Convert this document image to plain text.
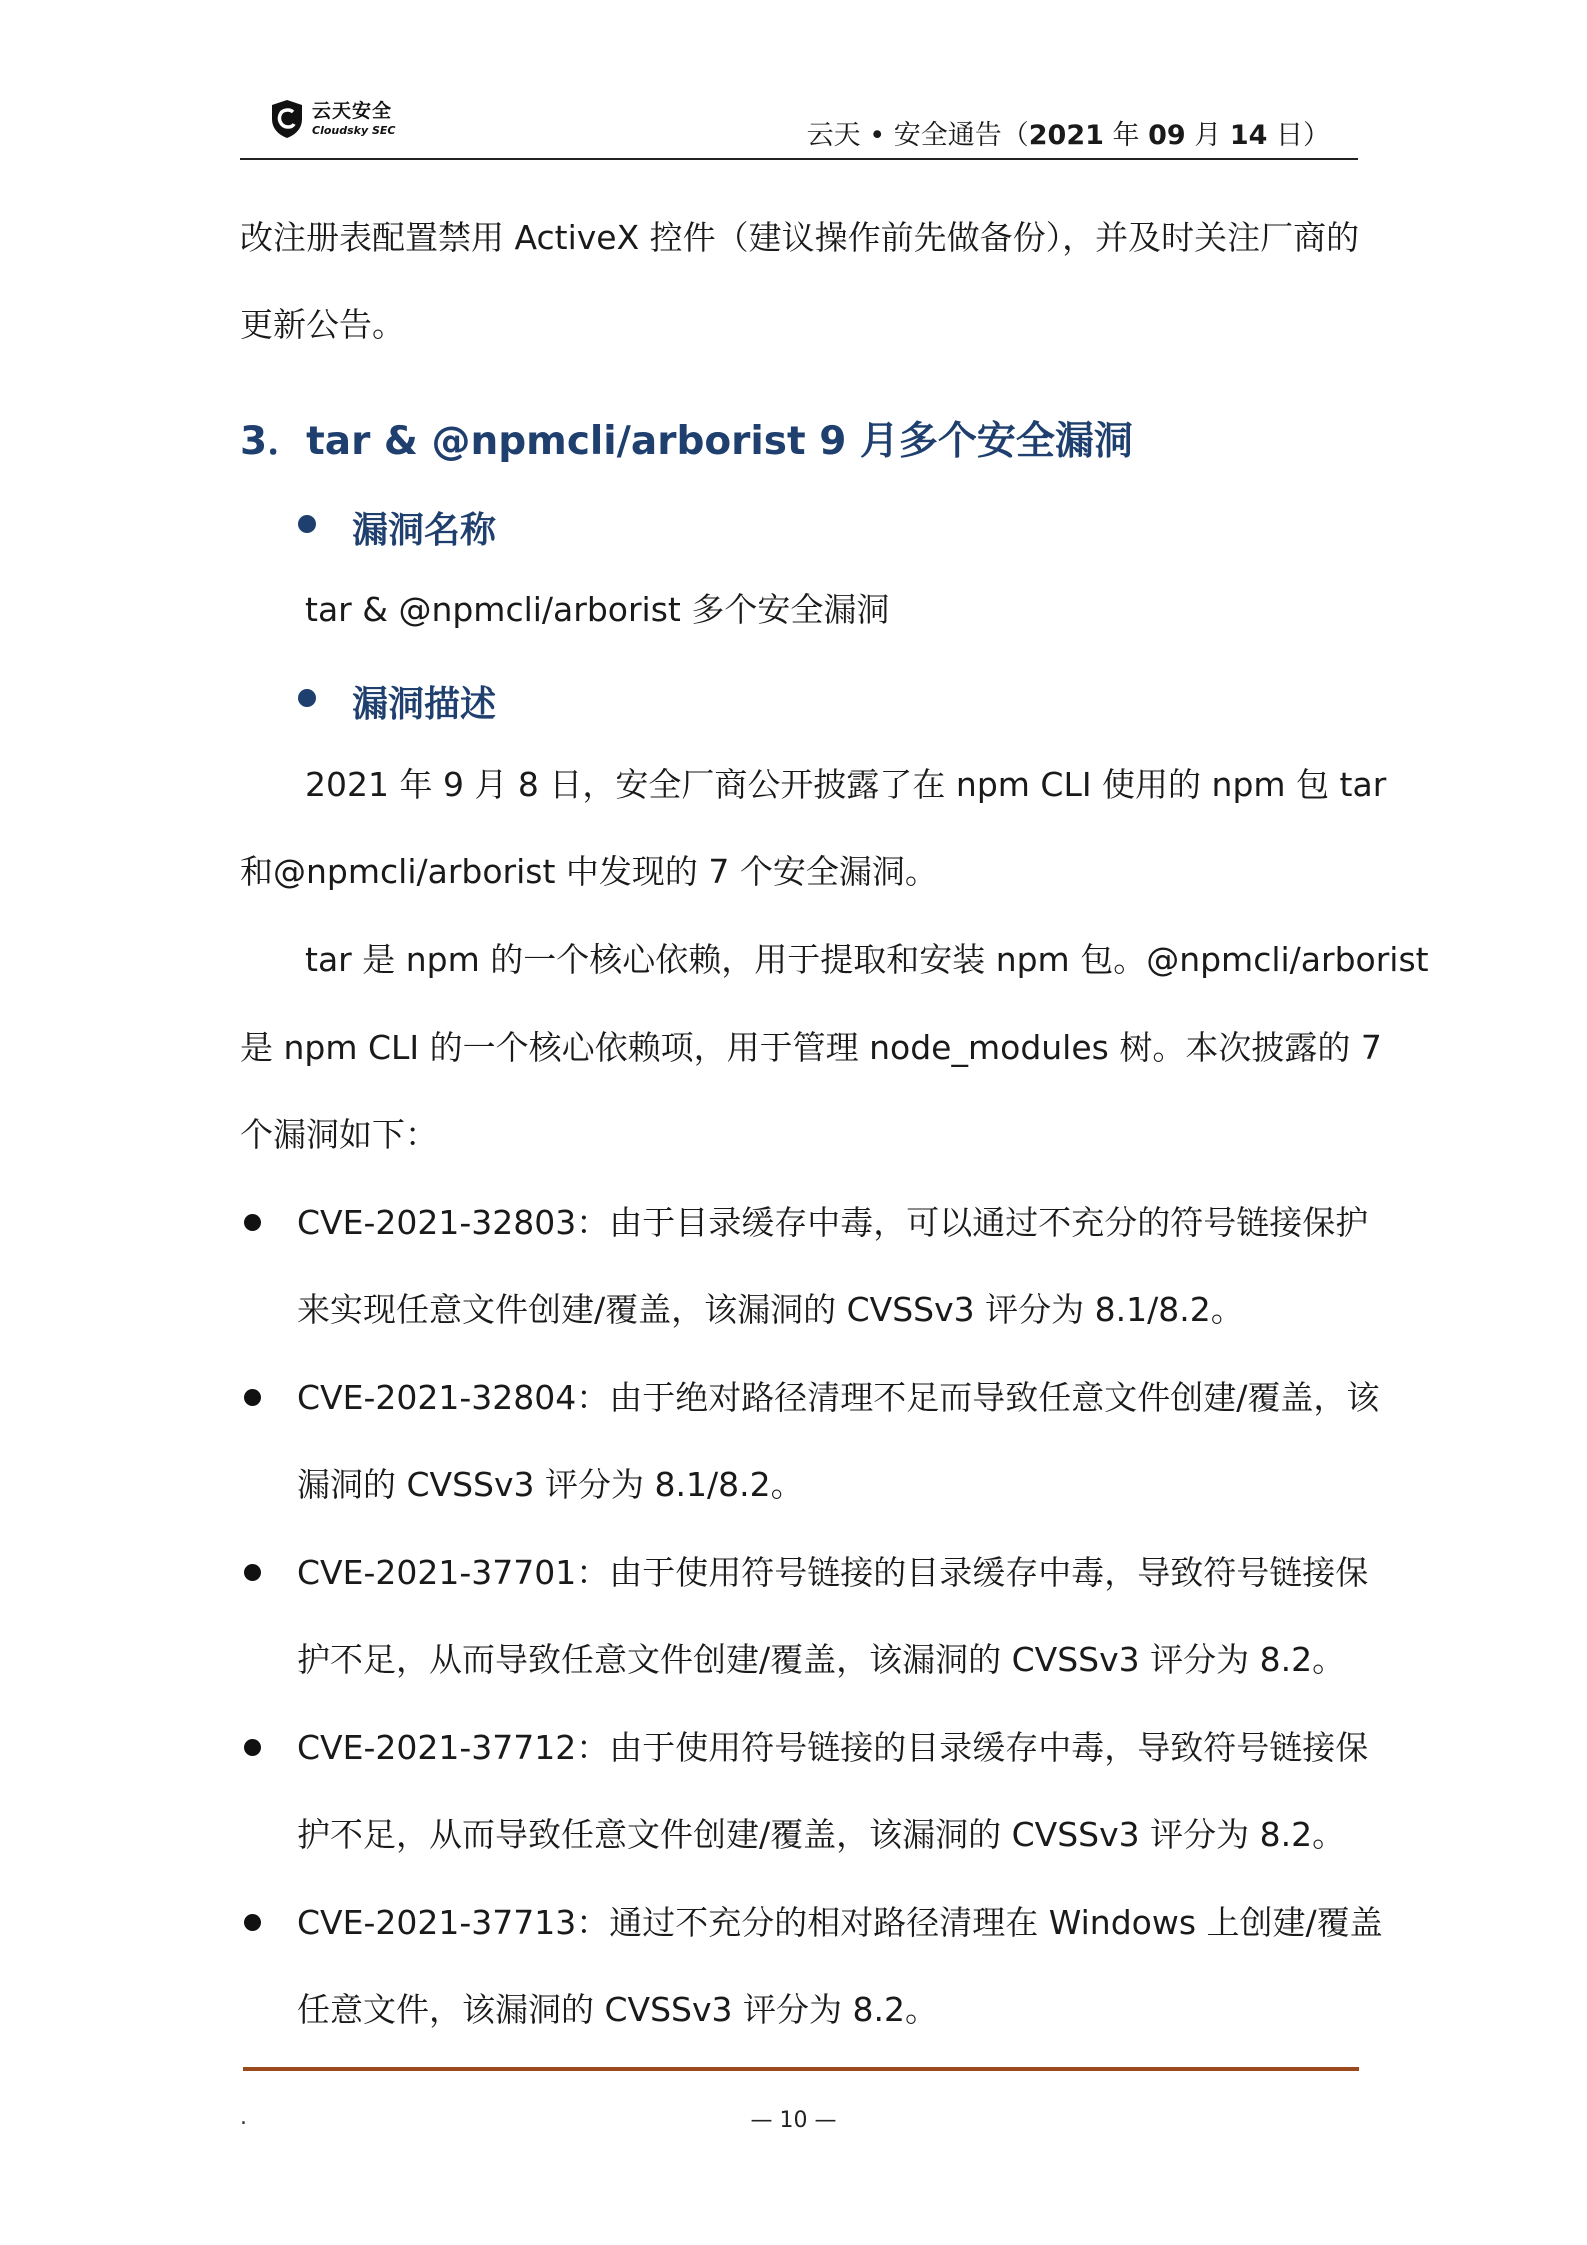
云天安全
Cloudsky SEC	云天 • 安全通告（2021 年 09 月 14 日）
改注册表配置禁用 ActiveX 控件（建议操作前先做备份），并及时关注厂商的
更新公告。
3．tar & @npmcli/arborist 9 月多个安全漏洞
漏洞名称
tar & @npmcli/arborist 多个安全漏洞
漏洞描述
2021 年 9 月 8 日，安全厂商公开披露了在 npm CLI 使用的 npm 包 tar
和@npmcli/arborist 中发现的 7 个安全漏洞。
tar 是 npm 的一个核心依赖，用于提取和安装 npm 包。@npmcli/arborist
是 npm CLI 的一个核心依赖项，用于管理 node_modules 树。本次披露的 7
个漏洞如下：
CVE-2021-32803：由于目录缓存中毒，可以通过不充分的符号链接保护
来实现任意文件创建/覆盖，该漏洞的 CVSSv3 评分为 8.1/8.2。
CVE-2021-32804：由于绝对路径清理不足而导致任意文件创建/覆盖，该
漏洞的 CVSSv3 评分为 8.1/8.2。
CVE-2021-37701：由于使用符号链接的目录缓存中毒，导致符号链接保
护不足，从而导致任意文件创建/覆盖，该漏洞的 CVSSv3 评分为 8.2。
CVE-2021-37712：由于使用符号链接的目录缓存中毒，导致符号链接保
护不足，从而导致任意文件创建/覆盖，该漏洞的 CVSSv3 评分为 8.2。
CVE-2021-37713：通过不充分的相对路径清理在 Windows 上创建/覆盖
任意文件，该漏洞的 CVSSv3 评分为 8.2。
.	— 10 —
